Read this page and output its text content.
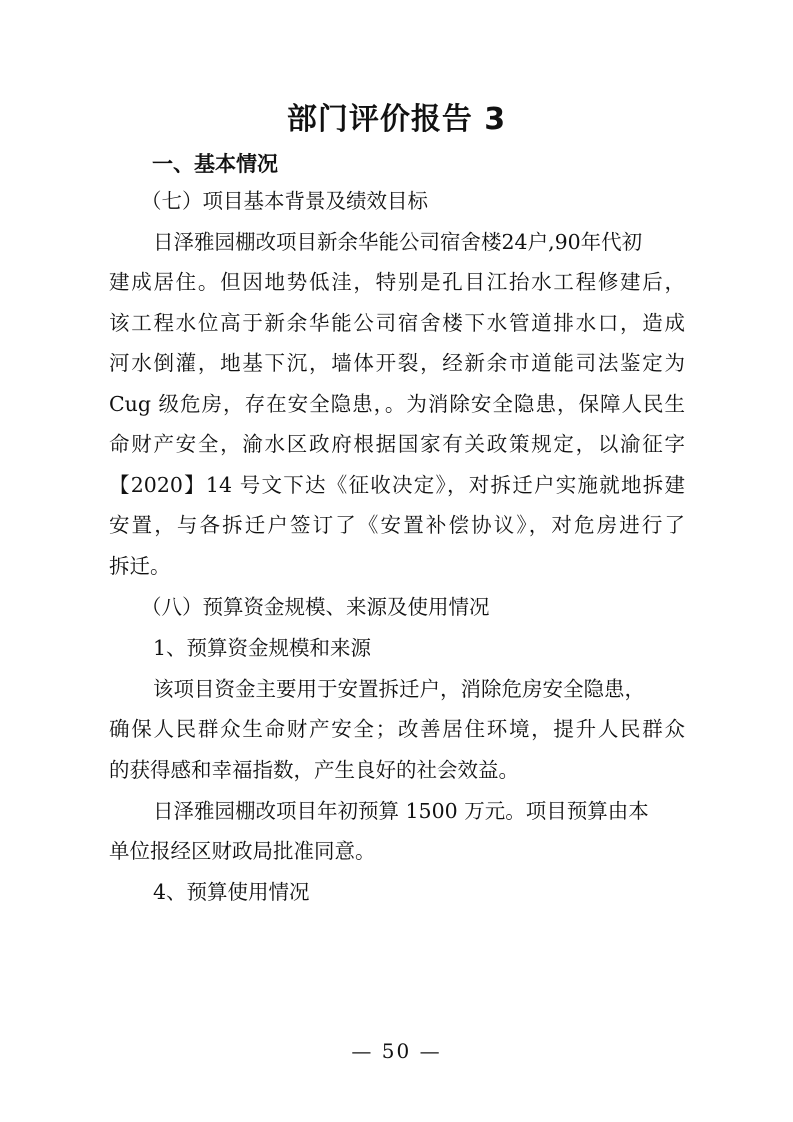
部门评价报告 3
一、基本情况
（七）项目基本背景及绩效目标
日泽雅园棚改项目新余华能公司宿舍楼24户,90年代初
建成居住。但因地势低洼，特别是孔目江抬水工程修建后，
该工程水位高于新余华能公司宿舍楼下水管道排水口，造成
河水倒灌，地基下沉，墙体开裂，经新余市道能司法鉴定为
Cug 级危房，存在安全隐患，。为消除安全隐患，保障人民生
命财产安全，渝水区政府根据国家有关政策规定，以渝征字
【2020】14 号文下达《征收决定》，对拆迁户实施就地拆建
安置，与各拆迁户签订了《安置补偿协议》，对危房进行了
拆迁。
（八）预算资金规模、来源及使用情况
1、预算资金规模和来源
该项目资金主要用于安置拆迁户，消除危房安全隐患，
确保人民群众生命财产安全；改善居住环境，提升人民群众
的获得感和幸福指数，产生良好的社会效益。
日泽雅园棚改项目年初预算 1500 万元。项目预算由本
单位报经区财政局批准同意。
4、预算使用情况
— 50 —
